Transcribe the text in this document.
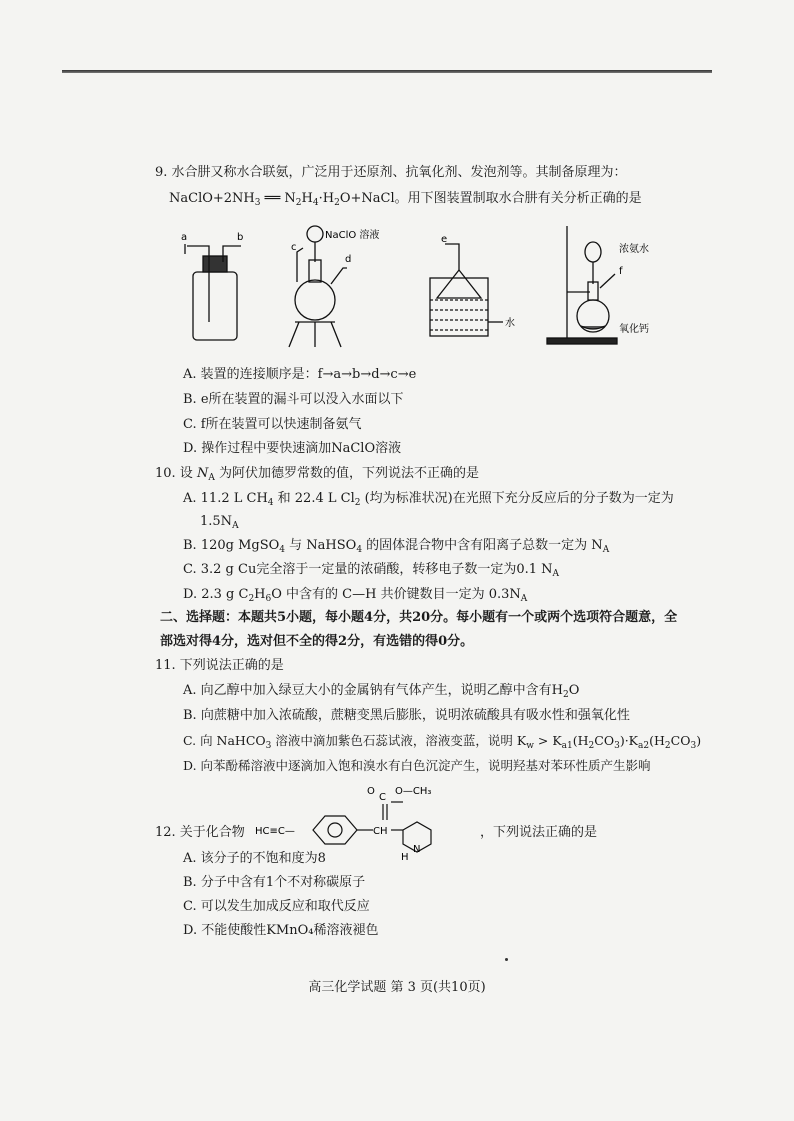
9. 水合肼又称水合联氨，广泛用于还原剂、抗氧化剂、发泡剂等。其制备原理为：
$NaClO+2NH_3$ ══ $N_2H_4\cdot H_2O+NaCl$。用下图装置制取水合肼有关分析正确的是
a	b
c
d
NaClO 溶液	e
水
浓氨水
f
氧化钙
A. 装置的连接顺序是：f→a→b→d→c→e
B. e所在装置的漏斗可以没入水面以下
C. f所在装置可以快速制备氨气
D. 操作过程中要快速滴加NaClO溶液
10. 设 $N_A$ 为阿伏加德罗常数的值，下列说法不正确的是
A. 11.2 L $CH_4$ 和 22.4 L $Cl_2$ (均为标准状况)在光照下充分反应后的分子数为一定为
$1.5N_A$
B. 120g MgSO$_4$ 与 NaHSO$_4$ 的固体混合物中含有阳离子总数一定为 $N_A$
C. 3.2 g Cu完全溶于一定量的浓硝酸，转移电子数一定为0.1 $N_A$
D. 2.3 g $C_2H_6O$ 中含有的 C—H 共价键数目一定为 $0.3N_A$
二、选择题：本题共5小题，每小题4分，共20分。每小题有一个或两个选项符合题意，全
部选对得4分，选对但不全的得2分，有选错的得0分。
11. 下列说法正确的是
A. 向乙醇中加入绿豆大小的金属钠有气体产生，说明乙醇中含有$H_2O$
B. 向蔗糖中加入浓硫酸，蔗糖变黑后膨胀，说明浓硫酸具有吸水性和强氧化性
C. 向 NaHCO$_3$ 溶液中滴加紫色石蕊试液，溶液变蓝，说明 $K_w > K_{a1}(H_2CO_3)\cdot K_{a2}(H_2CO_3)$
D. 向苯酚稀溶液中逐滴加入饱和溴水有白色沉淀产生，说明羟基对苯环性质产生影响
12. 关于化合物 HC≡C—
C
O O—CH₃
CH
N
H
，下列说法正确的是
A. 该分子的不饱和度为8
B. 分子中含有1个不对称碳原子
C. 可以发生加成反应和取代反应
D. 不能使酸性KMnO₄稀溶液褪色
高三化学试题 第 3 页(共10页)
